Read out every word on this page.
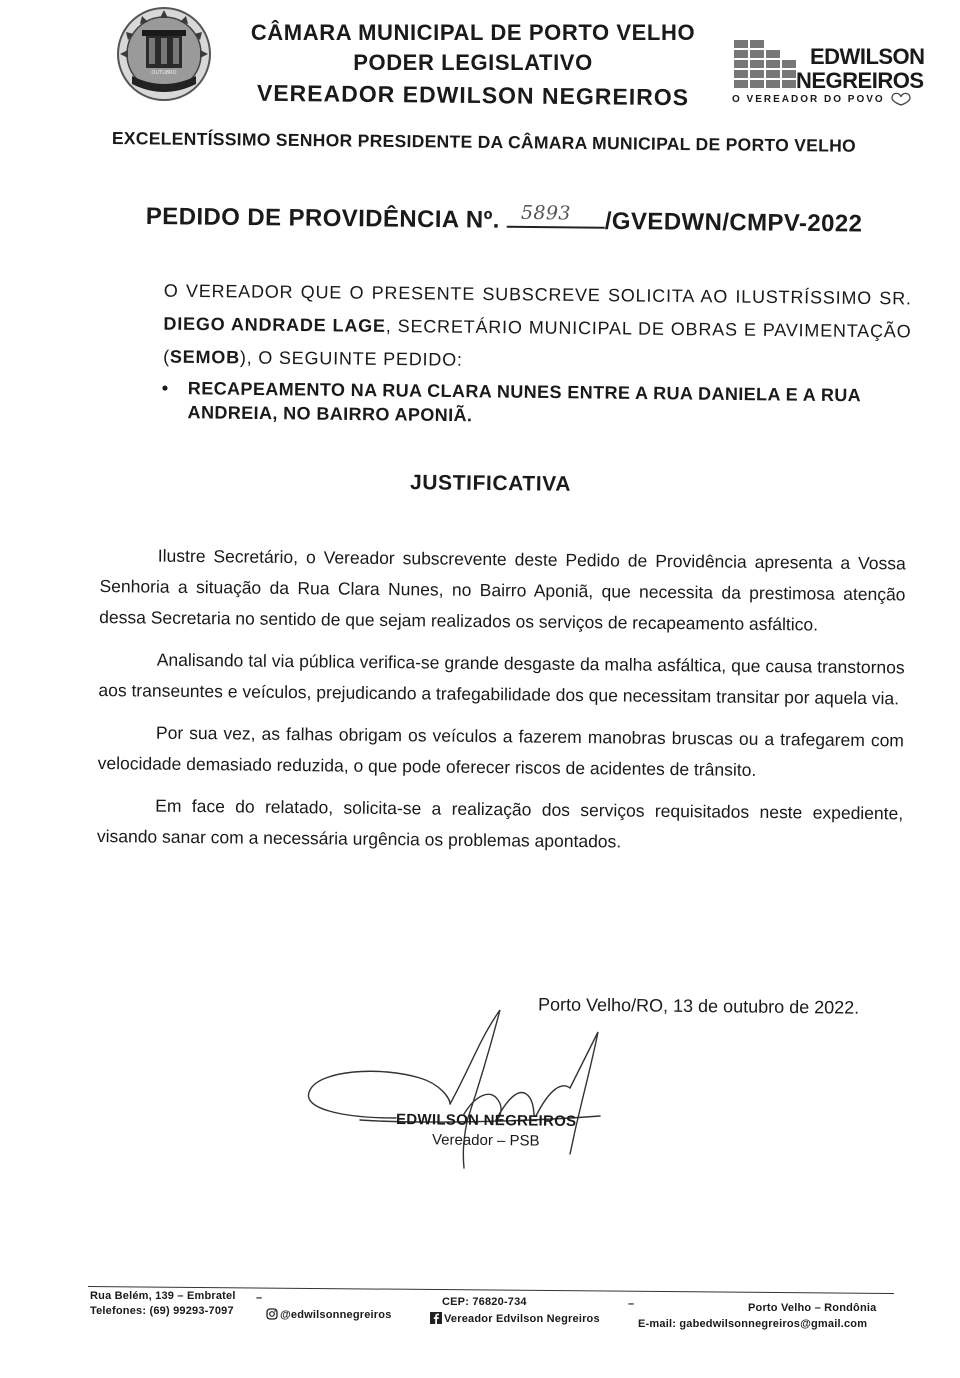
OUTUBRO
CÂMARA MUNICIPAL DE PORTO VELHO
PODER LEGISLATIVO
VEREADOR EDWILSON NEGREIROS
EDWILSON
NEGREIROS
O VEREADOR DO POVO
EXCELENTÍSSIMO SENHOR PRESIDENTE DA CÂMARA MUNICIPAL DE PORTO VELHO
PEDIDO DE PROVIDÊNCIA Nº. 5893 /GVEDWN/CMPV-2022
O VEREADOR QUE O PRESENTE SUBSCREVE SOLICITA AO ILUSTRÍSSIMO SR. DIEGO ANDRADE LAGE, SECRETÁRIO MUNICIPAL DE OBRAS E PAVIMENTAÇÃO (SEMOB), O SEGUINTE PEDIDO:
•	RECAPEAMENTO NA RUA CLARA NUNES ENTRE A RUA DANIELA E A RUA ANDREIA, NO BAIRRO APONIÃ.
JUSTIFICATIVA

Ilustre Secretário, o Vereador subscrevente deste Pedido de Providência apresenta a Vossa Senhoria a situação da Rua Clara Nunes, no Bairro Aponiã, que necessita da prestimosa atenção dessa Secretaria no sentido de que sejam realizados os serviços de recapeamento asfáltico.

Analisando tal via pública verifica-se grande desgaste da malha asfáltica, que causa transtornos aos transeuntes e veículos, prejudicando a trafegabilidade dos que necessitam transitar por aquela via.

Por sua vez, as falhas obrigam os veículos a fazerem manobras bruscas ou a trafegarem com velocidade demasiado reduzida, o que pode oferecer riscos de acidentes de trânsito.

Em face do relatado, solicita-se a realização dos serviços requisitados neste expediente, visando sanar com a necessária urgência os problemas apontados.

Porto Velho/RO, 13 de outubro de 2022.
EDWILSON NEGREIROS
Vereador – PSB
Rua Belém, 139 – Embratel
Telefones: (69) 99293-7097
–
@edwilsonnegreiros
CEP: 76820-734
Vereador Edvilson Negreiros
–	Porto Velho – Rondônia
E-mail: gabedwilsonnegreiros@gmail.com
